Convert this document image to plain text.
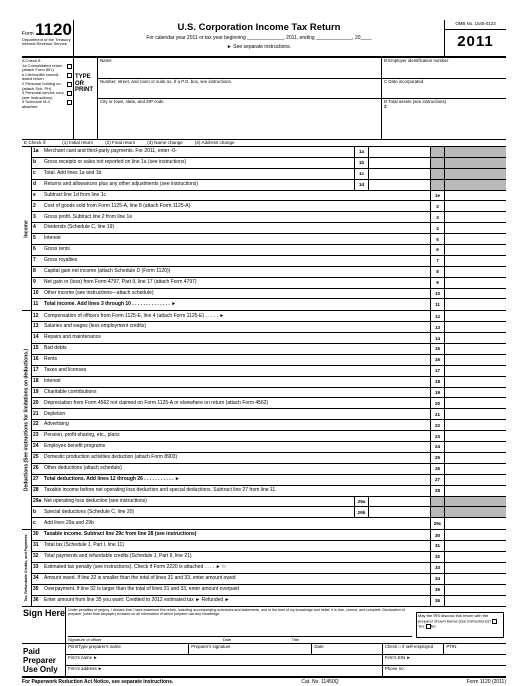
Form 1120
Department of the Treasury
Internal Revenue Service
U.S. Corporation Income Tax Return
For calendar year 2011 or tax year beginning _____________, 2011, ending _____________, 20____
► See separate instructions.
OMB No. 1545-0123
2011
A Check if:
1a Consolidated return (attach Form 851)
b Life/nonlife consoli-dated return
2 Personal holding co. (attach Sch. PH)
3 Personal service corp. (see instructions)
4 Schedule M-3 attached
TYPE OR PRINT
Name
Number, street, and room or suite no. If a P.O. box, see instructions.
City or town, state, and ZIP code
B Employer identification number
C Date incorporated
D Total assets (see instructions)
$
E Check if:	(1) Initial return	(2) Final return	(3) Name change	(4) Address change
Income
1a	Merchant card and third-party payments. For 2011, enter -0-	1a
b	Gross receipts or sales not reported on line 1a (see instructions)	1b
c	Total. Add lines 1a and 1b	1c
d	Returns and allowances plus any other adjustments (see instructions)	1d
e	Subtract line 1d from line 1c	1e
2	Cost of goods sold from Form 1125-A, line 8 (attach Form 1125-A)	2
3	Gross profit. Subtract line 2 from line 1e	3
4	Dividends (Schedule C, line 19)	4
5	Interest	5
6	Gross rents	6
7	Gross royalties	7
8	Capital gain net income (attach Schedule D (Form 1120))	8
9	Net gain or (loss) from Form 4797, Part II, line 17 (attach Form 4797)	9
10	Other income (see instructions—attach schedule)	10
11	Total income. Add lines 3 through 10 . . . . . . . . . . . . . . ►	11
Deductions (See instructions for limitations on deductions.)
12	Compensation of officers from Form 1125-E, line 4 (attach Form 1125-E) . . . . . ►	12
13	Salaries and wages (less employment credits)	13
14	Repairs and maintenance	14
15	Bad debts	15
16	Rents	16
17	Taxes and licenses	17
18	Interest	18
19	Charitable contributions	19
20	Depreciation from Form 4562 not claimed on Form 1125-A or elsewhere on return (attach Form 4562)	20
21	Depletion	21
22	Advertising	22
23	Pension, profit-sharing, etc., plans	23
24	Employee benefit programs	24
25	Domestic production activities deduction (attach Form 8903)	25
26	Other deductions (attach schedule)	26
27	Total deductions. Add lines 12 through 26 . . . . . . . . . . . ►	27
28	Taxable income before net operating loss deduction and special deductions. Subtract line 27 from line 11.	28
29a Net operating loss deduction (see instructions)	29a
b	Special deductions (Schedule C, line 20)	29b
c	Add lines 29a and 29b	29c
Tax, Refundable Credits, and Payments
30	Taxable income. Subtract line 29c from line 28 (see instructions)	30
31	Total tax (Schedule J, Part I, line 11)	31
32	Total payments and refundable credits (Schedule J, Part II, line 21)	32
33	Estimated tax penalty (see instructions). Check if Form 2220 is attached . . . . ► □	33
34	Amount owed. If line 32 is smaller than the total of lines 31 and 33, enter amount owed	34
35	Overpayment. If line 32 is larger than the total of lines 31 and 33, enter amount overpaid	35
36	Enter amount from line 35 you want: Credited to 2012 estimated tax ► Refunded ►	36
Sign Here Under penalties of perjury, I declare that I have examined this return, including accompanying schedules and statements, and to the best of my knowledge and belief, it is true, correct, and complete. Declaration of preparer (other than taxpayer) is based on all information of which preparer has any knowledge.
Signature of officer	Date	Title
May the IRS discuss this return with the preparer shown below (see instructions)? Yes No
Paid Preparer Use Only
Print/Type preparer's name	Preparer's signature	Date	Check □ if self-employed	PTIN
Firm's name ►	Firm's EIN ►
Firm's address ►	Phone no.
For Paperwork Reduction Act Notice, see separate instructions.	Cat. No. 11450Q	Form 1120 (2011)
